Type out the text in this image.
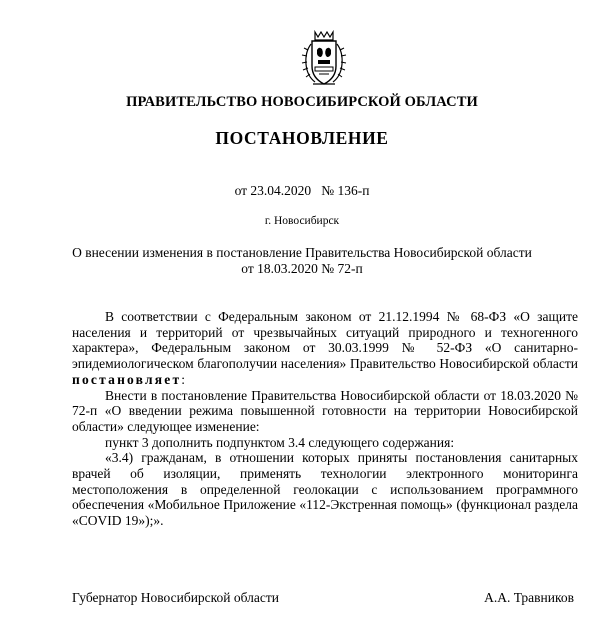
ПРАВИТЕЛЬСТВО НОВОСИБИРСКОЙ ОБЛАСТИ
ПОСТАНОВЛЕНИЕ
от 23.04.2020 № 136-п
г. Новосибирск
О внесении изменения в постановление Правительства Новосибирской области
от 18.03.2020 № 72-п

В соответствии с Федеральным законом от 21.12.1994 № 68-ФЗ «О защите населения и территорий от чрезвычайных ситуаций природного и техногенного характера», Федеральным законом от 30.03.1999 № 52-ФЗ «О санитарно-эпидемиологическом благополучии населения» Правительство Новосибирской области постановляет:

Внести в постановление Правительства Новосибирской области от 18.03.2020 № 72-п «О введении режима повышенной готовности на территории Новосибирской области» следующее изменение:

пункт 3 дополнить подпунктом 3.4 следующего содержания:

«3.4) гражданам, в отношении которых приняты постановления санитарных врачей об изоляции, применять технологии электронного мониторинга местоположения в определенной геолокации с использованием программного обеспечения «Мобильное Приложение «112-Экстренная помощь» (функционал раздела «COVID 19»);».

Губернатор Новосибирской области	А.А. Травников
